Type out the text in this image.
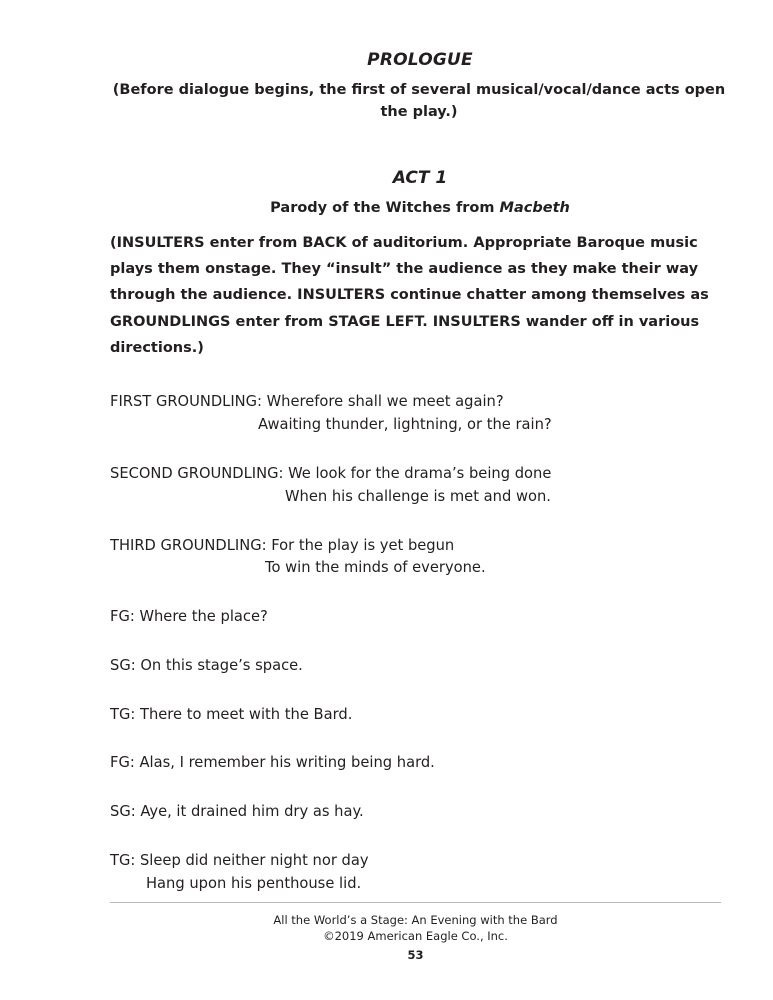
PROLOGUE
(Before dialogue begins, the first of several musical/vocal/dance acts open the play.)
ACT 1
Parody of the Witches from Macbeth
(INSULTERS enter from BACK of auditorium. Appropriate Baroque music plays them onstage. They “insult” the audience as they make their way through the audience. INSULTERS continue chatter among themselves as GROUNDLINGS enter from STAGE LEFT. INSULTERS wander off in various directions.)
FIRST GROUNDLING: Wherefore shall we meet again?
Awaiting thunder, lightning, or the rain?
SECOND GROUNDLING: We look for the drama’s being done
When his challenge is met and won.
THIRD GROUNDLING: For the play is yet begun
To win the minds of everyone.
FG: Where the place?
SG: On this stage’s space.
TG: There to meet with the Bard.
FG: Alas, I remember his writing being hard.
SG: Aye, it drained him dry as hay.
TG: Sleep did neither night nor day
Hang upon his penthouse lid.
All the World’s a Stage: An Evening with the Bard
©2019 American Eagle Co., Inc.
53
